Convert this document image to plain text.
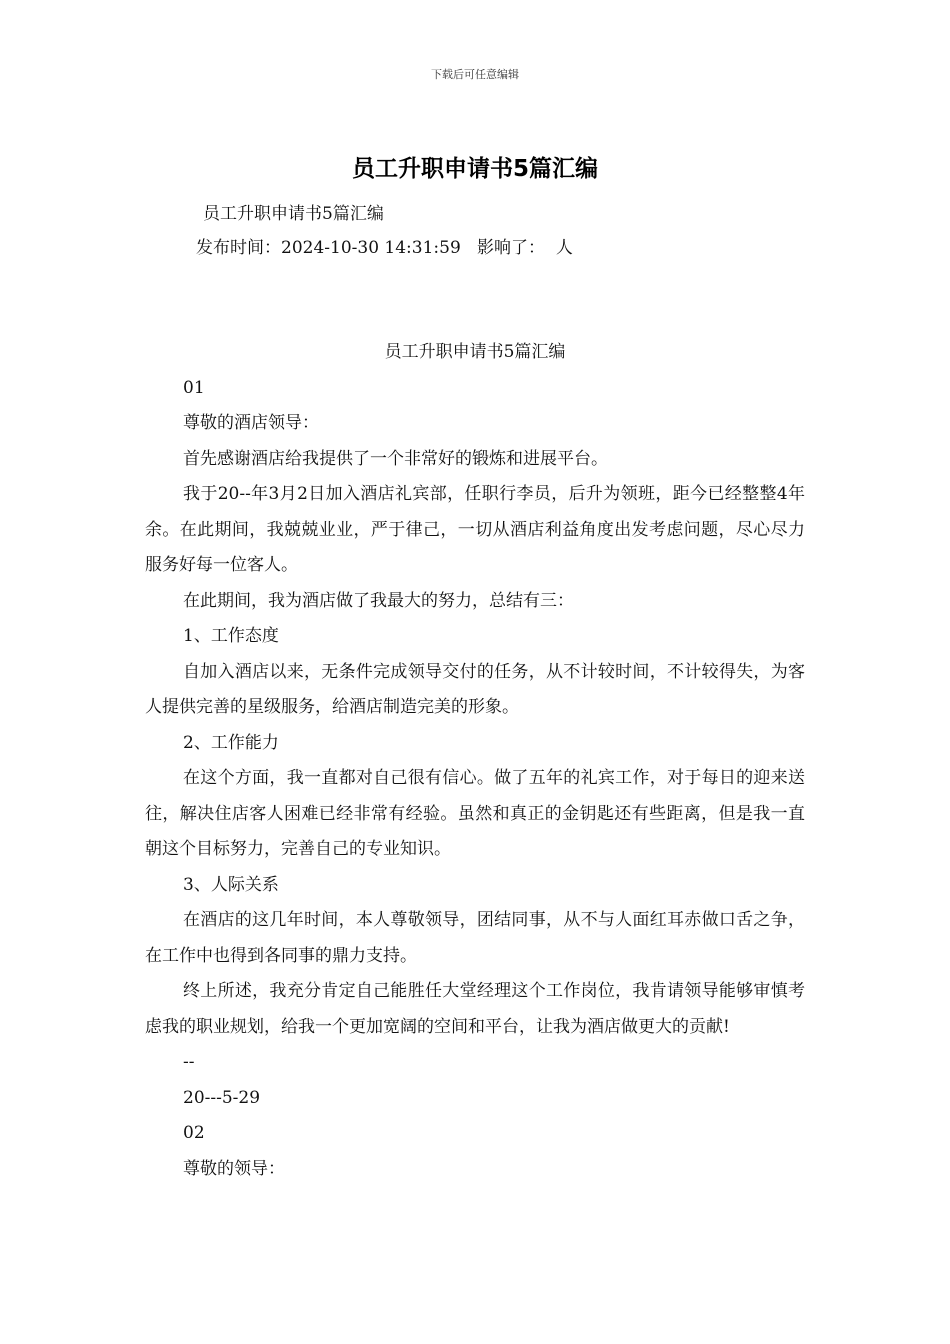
下载后可任意编辑
员工升职申请书5篇汇编
员工升职申请书5篇汇编
发布时间：2024-10-30 14:31:59 影响了： 人
员工升职申请书5篇汇编

01

尊敬的酒店领导：

首先感谢酒店给我提供了一个非常好的锻炼和进展平台。

我于20--年3月2日加入酒店礼宾部，任职行李员，后升为领班，距今已经整整4年余。在此期间，我兢兢业业，严于律己，一切从酒店利益角度出发考虑问题，尽心尽力服务好每一位客人。

在此期间，我为酒店做了我最大的努力，总结有三：

1、工作态度

自加入酒店以来，无条件完成领导交付的任务，从不计较时间，不计较得失，为客人提供完善的星级服务，给酒店制造完美的形象。

2、工作能力

在这个方面，我一直都对自己很有信心。做了五年的礼宾工作，对于每日的迎来送往，解决住店客人困难已经非常有经验。虽然和真正的金钥匙还有些距离，但是我一直朝这个目标努力，完善自己的专业知识。

3、人际关系

在酒店的这几年时间，本人尊敬领导，团结同事，从不与人面红耳赤做口舌之争，在工作中也得到各同事的鼎力支持。

终上所述，我充分肯定自己能胜任大堂经理这个工作岗位，我肯请领导能够审慎考虑我的职业规划，给我一个更加宽阔的空间和平台，让我为酒店做更大的贡献!

--

20---5-29

02

尊敬的领导：
